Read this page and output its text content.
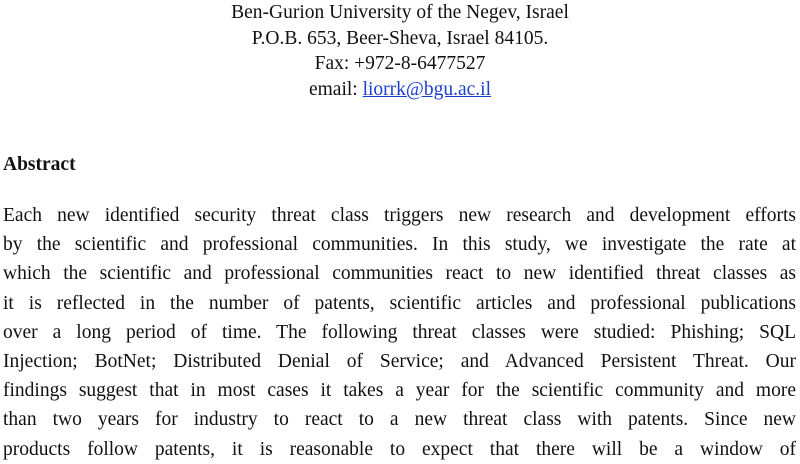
Ben-Gurion University of the Negev, Israel
P.O.B. 653, Beer-Sheva, Israel 84105.
Fax: +972-8-6477527
email: liorrk@bgu.ac.il
Abstract
Each new identified security threat class triggers new research and development efforts
by the scientific and professional communities. In this study, we investigate the rate at
which the scientific and professional communities react to new identified threat classes as
it is reflected in the number of patents, scientific articles and professional publications
over a long period of time. The following threat classes were studied: Phishing; SQL
Injection; BotNet; Distributed Denial of Service; and Advanced Persistent Threat. Our
findings suggest that in most cases it takes a year for the scientific community and more
than two years for industry to react to a new threat class with patents. Since new
products follow patents, it is reasonable to expect that there will be a window of
